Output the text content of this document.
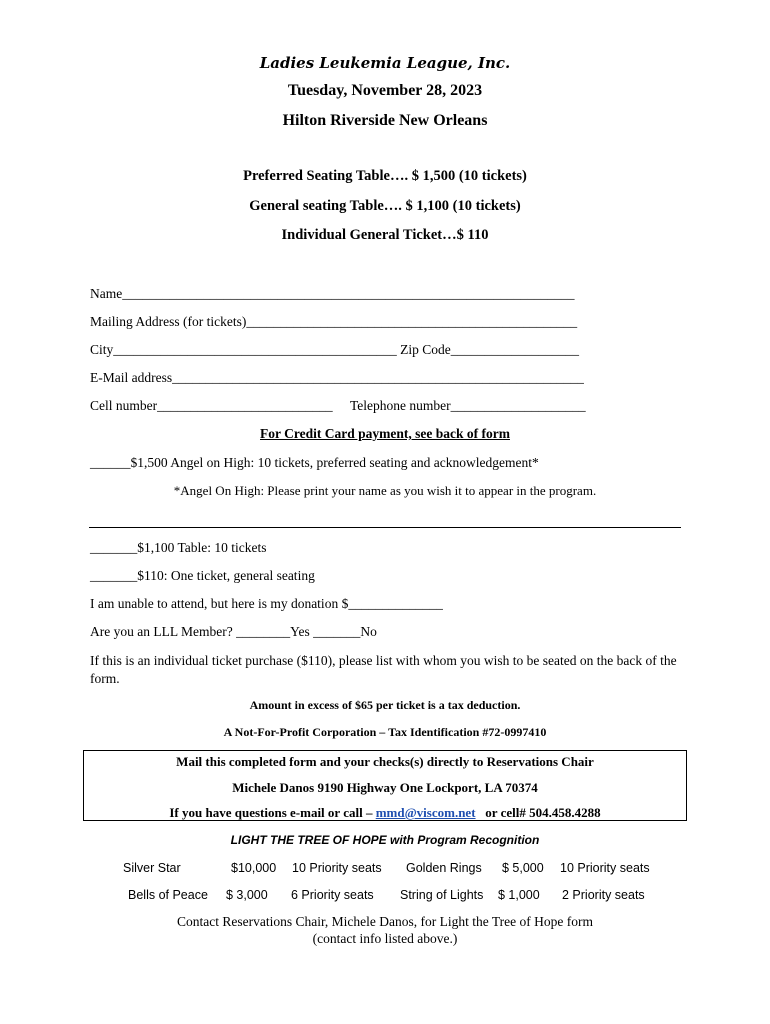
Ladies Leukemia League, Inc.
Tuesday, November 28, 2023
Hilton Riverside New Orleans
Preferred Seating Table…. $ 1,500 (10 tickets)
General seating Table…. $ 1,100 (10 tickets)
Individual General Ticket…$ 110
Name___________________________________________________________________
Mailing Address (for tickets)_________________________________________________
City__________________________________________ Zip Code___________________
E-Mail address_____________________________________________________________
Cell number__________________________ Telephone number____________________
For Credit Card payment, see back of form
______$1,500 Angel on High: 10 tickets, preferred seating and acknowledgement*
*Angel On High: Please print your name as you wish it to appear in the program.
_______$1,100 Table: 10 tickets
_______$110: One ticket, general seating
I am unable to attend, but here is my donation $______________
Are you an LLL Member? ________Yes _______No
If this is an individual ticket purchase ($110), please list with whom you wish to be seated on the back of the form.
Amount in excess of $65 per ticket is a tax deduction.
A Not-For-Profit Corporation – Tax Identification #72-0997410
Mail this completed form and your checks(s) directly to Reservations Chair
Michele Danos 9190 Highway One Lockport, LA 70374
If you have questions e-mail or call – mmd@viscom.net or cell# 504.458.4288
LIGHT THE TREE OF HOPE with Program Recognition
Silver Star	$10,000 10 Priority seats Golden Rings $ 5,000 10 Priority seats
Bells of Peace $ 3,000 6 Priority seats String of Lights $ 1,000 2 Priority seats
Contact Reservations Chair, Michele Danos, for Light the Tree of Hope form
(contact info listed above.)
